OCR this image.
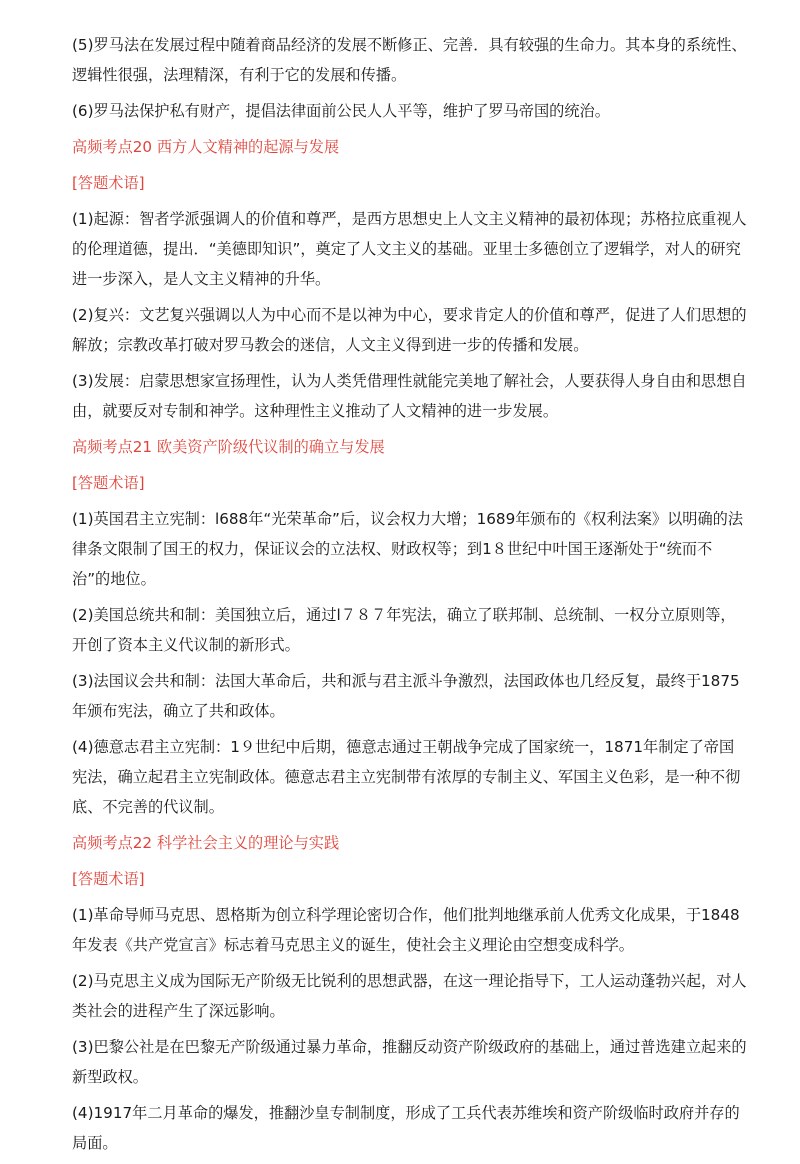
(5)罗马法在发展过程中随着商品经济的发展不断修正、完善．具有较强的生命力。其本身的系统性、逻辑性很强，法理精深，有利于它的发展和传播。

(6)罗马法保护私有财产，提倡法律面前公民人人平等，维护了罗马帝国的统治。

高频考点20 西方人文精神的起源与发展

[答题术语]

(1)起源：智者学派强调人的价值和尊严，是西方思想史上人文主义精神的最初体现；苏格拉底重视人的伦理道德，提出．“美德即知识”，奠定了人文主义的基础。亚里士多德创立了逻辑学，对人的研究进一步深入，是人文主义精神的升华。

(2)复兴：文艺复兴强调以人为中心而不是以神为中心，要求肯定人的价值和尊严，促进了人们思想的解放；宗教改革打破对罗马教会的迷信，人文主义得到进一步的传播和发展。

(3)发展：启蒙思想家宣扬理性，认为人类凭借理性就能完美地了解社会，人要获得人身自由和思想自由，就要反对专制和神学。这种理性主义推动了人文精神的进一步发展。

高频考点21 欧美资产阶级代议制的确立与发展

[答题术语]

(1)英国君主立宪制：l688年“光荣革命”后，议会权力大增；1689年颁布的《权利法案》以明确的法律条文限制了国王的权力，保证议会的立法权、财政权等；到1８世纪中叶国王逐渐处于“统而不治”的地位。

(2)美国总统共和制：美国独立后，通过l７８７年宪法，确立了联邦制、总统制、一权分立原则等，开创了资本主义代议制的新形式。

(3)法国议会共和制：法国大革命后，共和派与君主派斗争激烈，法国政体也几经反复，最终于1875年颁布宪法，确立了共和政体。

(4)德意志君主立宪制：1９世纪中后期，德意志通过王朝战争完成了国家统一，1871年制定了帝国宪法，确立起君主立宪制政体。德意志君主立宪制带有浓厚的专制主义、军国主义色彩，是一种不彻底、不完善的代议制。

高频考点22 科学社会主义的理论与实践

[答题术语]

(1)革命导师马克思、恩格斯为创立科学理论密切合作，他们批判地继承前人优秀文化成果，于1848年发表《共产党宣言》标志着马克思主义的诞生，使社会主义理论由空想变成科学。

(2)马克思主义成为国际无产阶级无比锐利的思想武器，在这一理论指导下，工人运动蓬勃兴起，对人类社会的进程产生了深远影响。

(3)巴黎公社是在巴黎无产阶级通过暴力革命，推翻反动资产阶级政府的基础上，通过普选建立起来的新型政权。

(4)1917年二月革命的爆发，推翻沙皇专制制度，形成了工兵代表苏维埃和资产阶级临时政府并存的局面。
